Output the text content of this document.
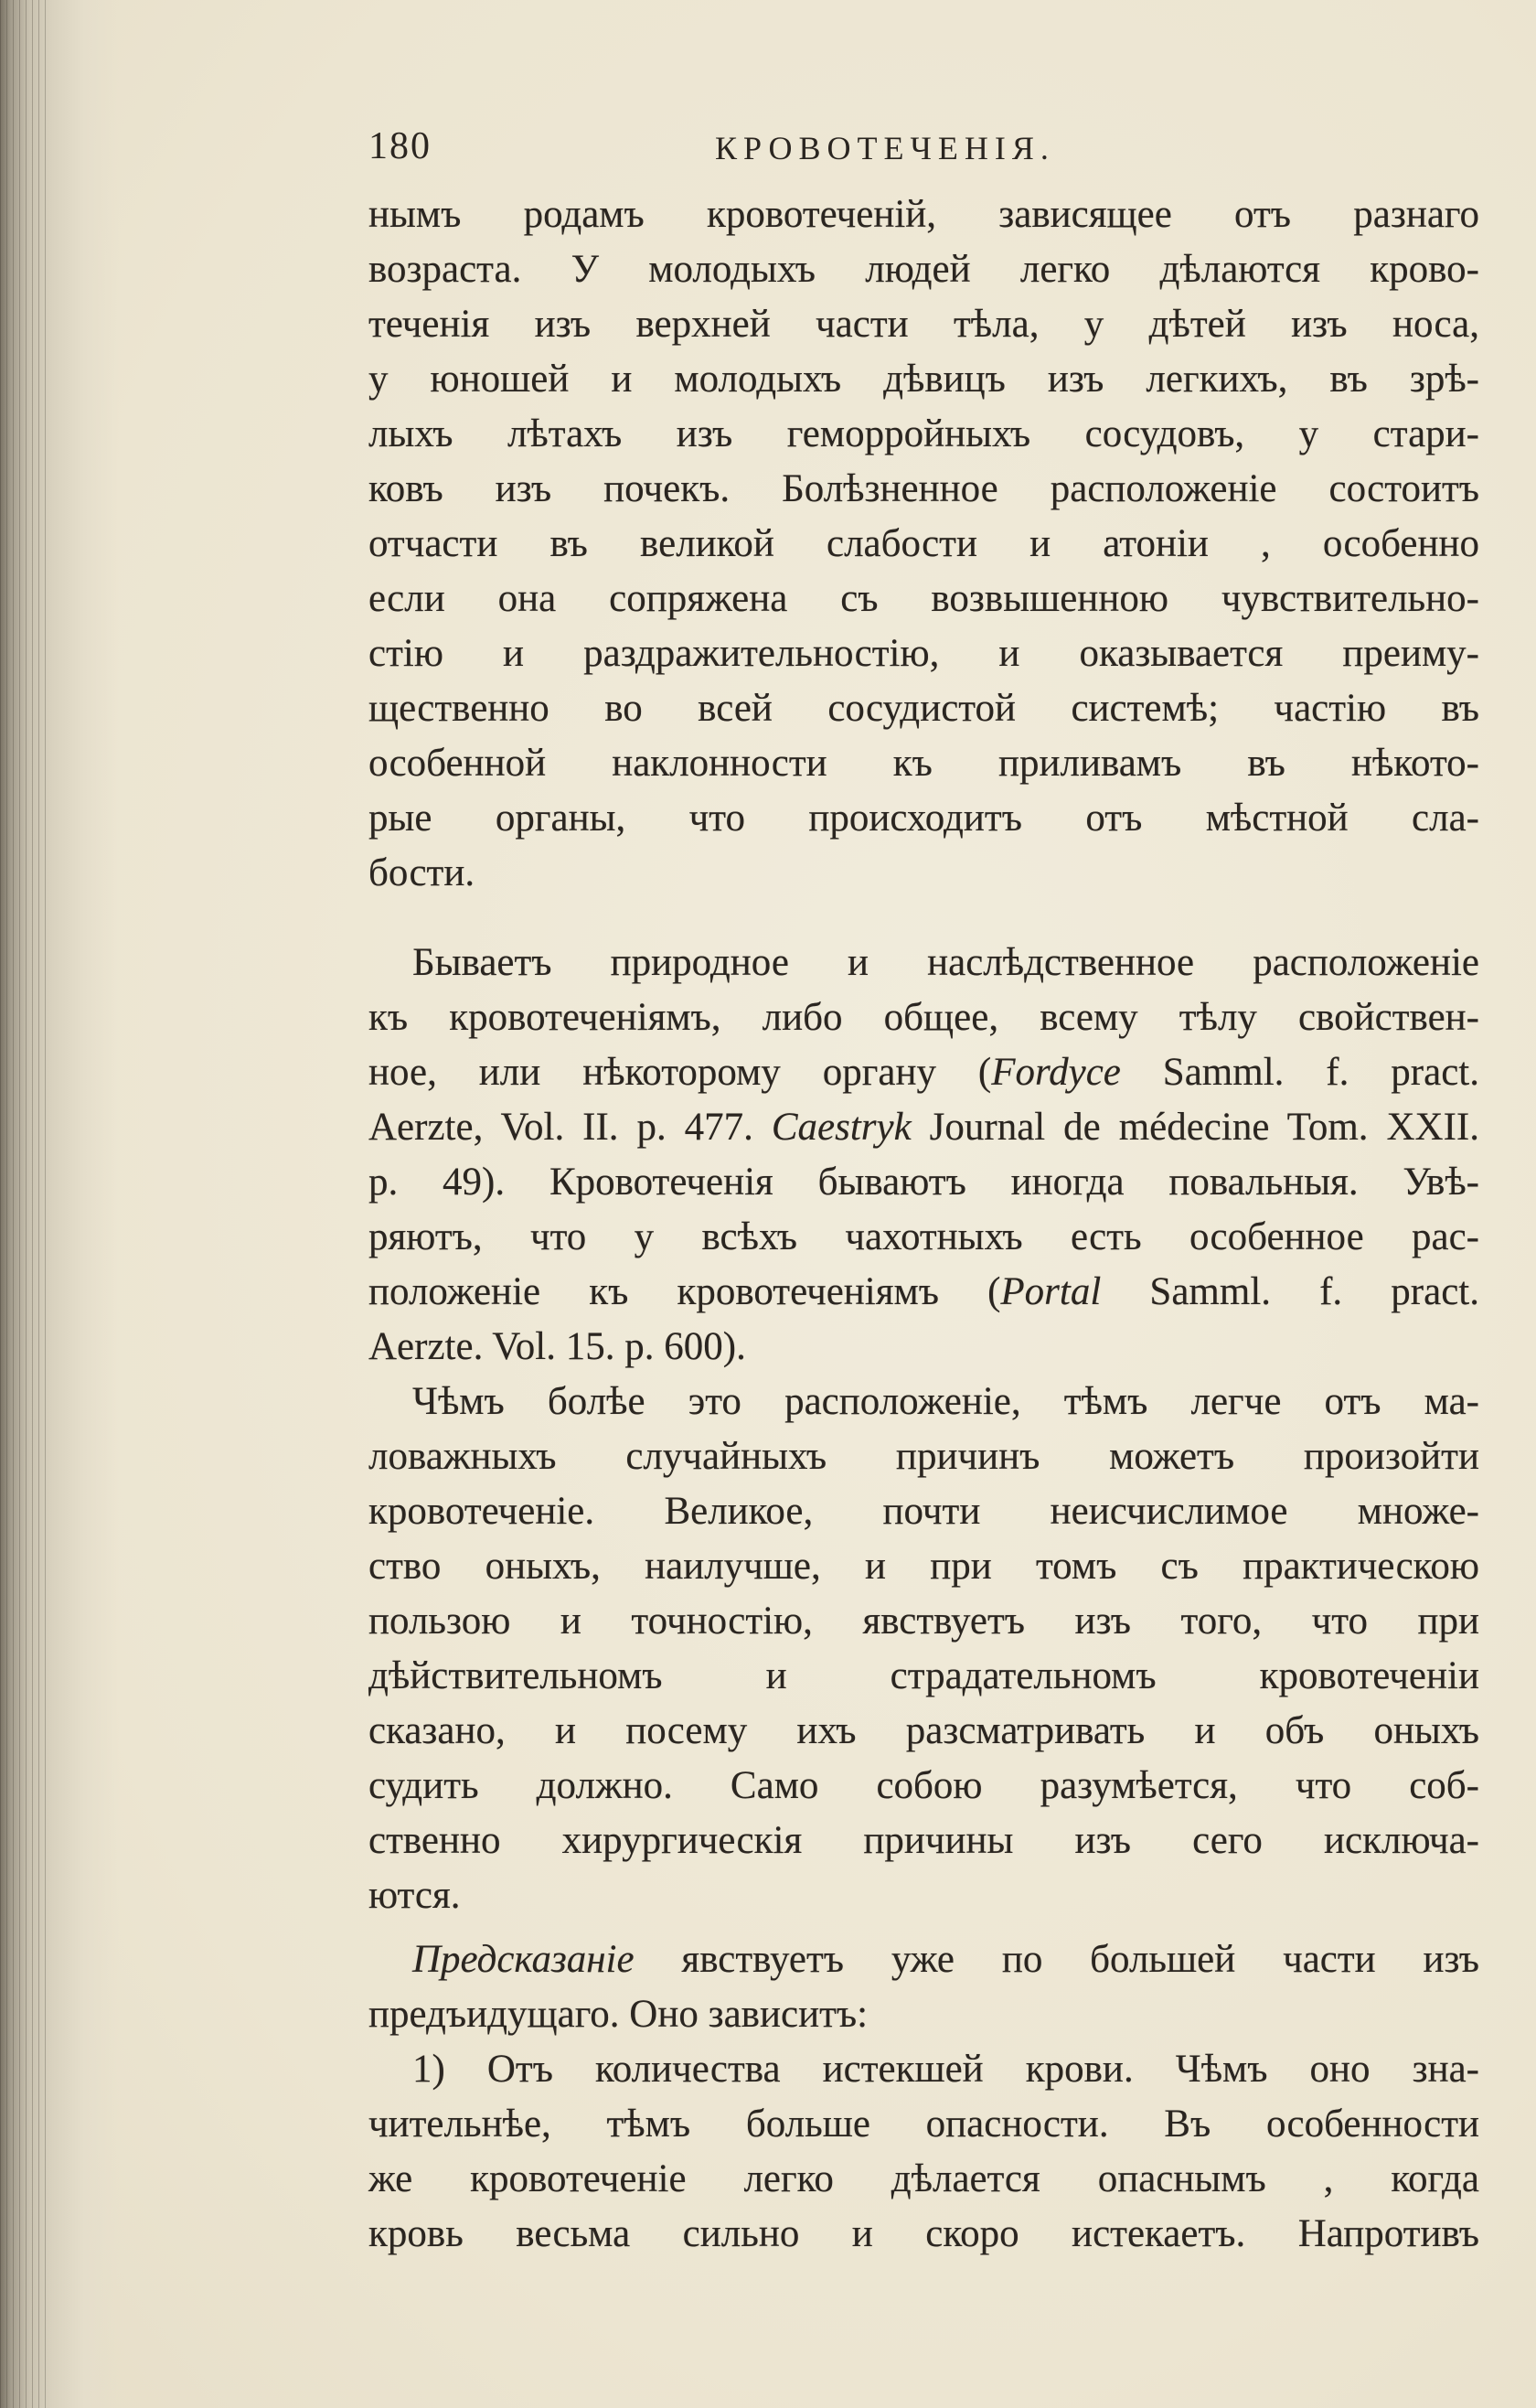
180	КРОВОТЕЧЕНІЯ.
нымъ родамъ кровотеченій, зависящее отъ разнаго
возраста. У молодыхъ людей легко дѣлаются крово-
теченія изъ верхней части тѣла, у дѣтей изъ носа,
у юношей и молодыхъ дѣвицъ изъ легкихъ, въ зрѣ-
лыхъ лѣтахъ изъ геморройныхъ сосудовъ, у стари-
ковъ изъ почекъ. Болѣзненное расположеніе состоитъ
отчасти въ великой слабости и атоніи , особенно
если она сопряжена съ возвышенною чувствительно-
стію и раздражительностію, и оказывается преиму-
щественно во всей сосудистой системѣ; частію въ
особенной наклонности къ приливамъ въ нѣкото-
рые органы, что происходитъ отъ мѣстной сла-
бости.
Бываетъ природное и наслѣдственное расположеніе
къ кровотеченіямъ, либо общее, всему тѣлу свойствен-
ное, или нѣкоторому органу (Fordyce Samml. f. pract.
Aerzte, Vol. II. p. 477. Caestryk Journal de médecine Tom. XXII.
p. 49). Кровотеченія бываютъ иногда повальныя. Увѣ-
ряютъ, что у всѣхъ чахотныхъ есть особенное рас-
положеніе къ кровотеченіямъ (Portal Samml. f. pract.
Aerzte. Vol. 15. p. 600).
Чѣмъ болѣе это расположеніе, тѣмъ легче отъ ма-
ловажныхъ случайныхъ причинъ можетъ произойти
кровотеченіе. Великое, почти неисчислимое множе-
ство оныхъ, наилучше, и при томъ съ практическою
пользою и точностію, явствуетъ изъ того, что при
дѣйствительномъ и страдательномъ кровотеченіи
сказано, и посему ихъ разсматривать и объ оныхъ
судить должно. Само собою разумѣется, что соб-
ственно хирургическія причины изъ сего исключа-
ются.
Предсказаніе явствуетъ уже по большей части изъ
предъидущаго. Оно зависитъ:
1) Отъ количества истекшей крови. Чѣмъ оно зна-
чительнѣе, тѣмъ больше опасности. Въ особенности
же кровотеченіе легко дѣлается опаснымъ , когда
кровь весьма сильно и скоро истекаетъ. Напротивъ
